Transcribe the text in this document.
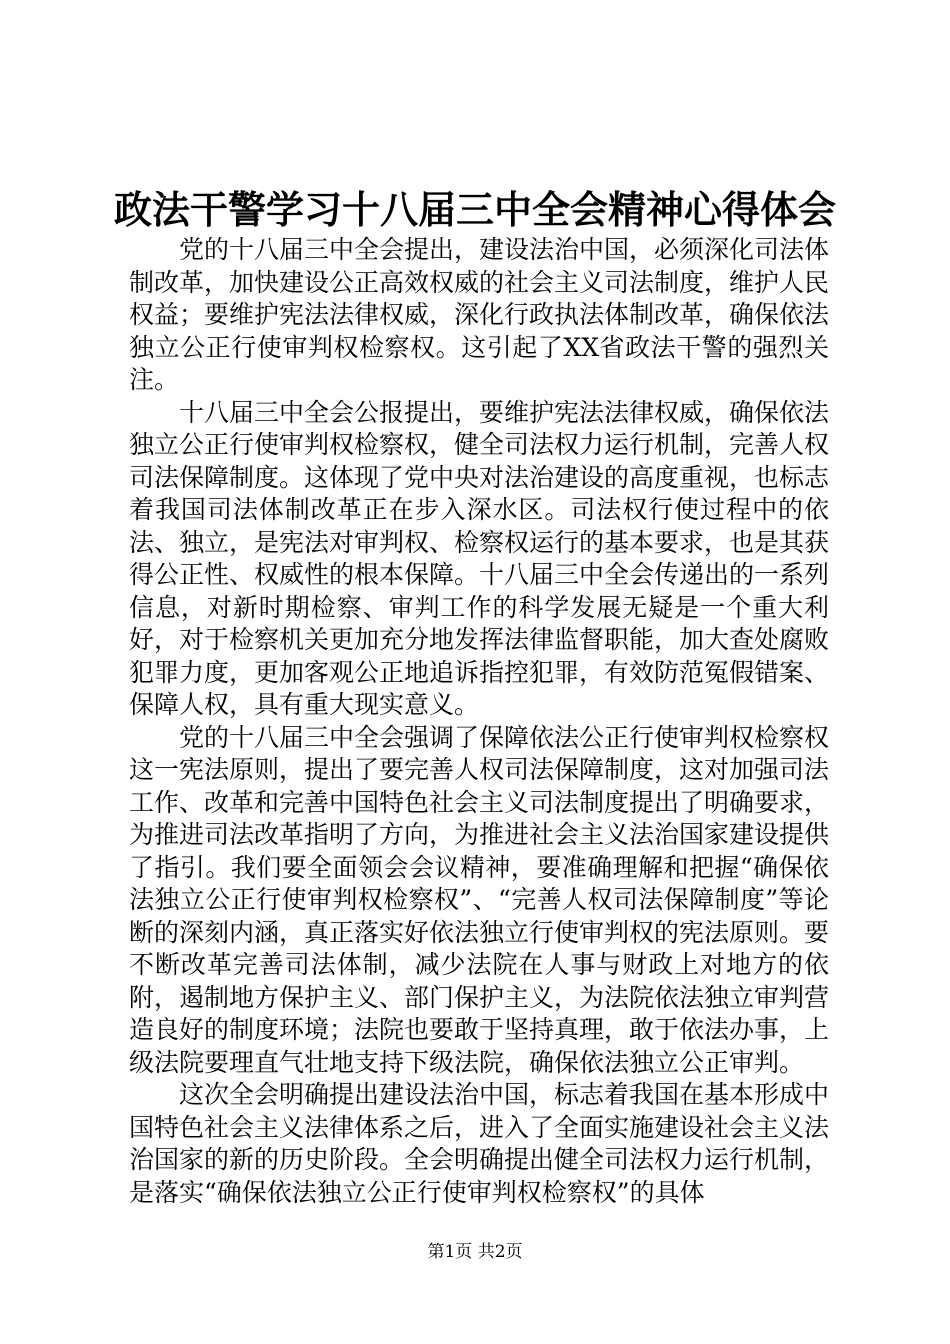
政法干警学习十八届三中全会精神心得体会

党的十八届三中全会提出，建设法治中国，必须深化司法体制改革，加快建设公正高效权威的社会主义司法制度，维护人民权益；要维护宪法法律权威，深化行政执法体制改革，确保依法独立公正行使审判权检察权。这引起了XX省政法干警的强烈关注。

十八届三中全会公报提出，要维护宪法法律权威，确保依法独立公正行使审判权检察权，健全司法权力运行机制，完善人权司法保障制度。这体现了党中央对法治建设的高度重视，也标志着我国司法体制改革正在步入深水区。司法权行使过程中的依法、独立，是宪法对审判权、检察权运行的基本要求，也是其获得公正性、权威性的根本保障。十八届三中全会传递出的一系列信息，对新时期检察、审判工作的科学发展无疑是一个重大利好，对于检察机关更加充分地发挥法律监督职能，加大查处腐败犯罪力度，更加客观公正地追诉指控犯罪，有效防范冤假错案、保障人权，具有重大现实意义。

党的十八届三中全会强调了保障依法公正行使审判权检察权这一宪法原则，提出了要完善人权司法保障制度，这对加强司法工作、改革和完善中国特色社会主义司法制度提出了明确要求，为推进司法改革指明了方向，为推进社会主义法治国家建设提供了指引。我们要全面领会会议精神，要准确理解和把握“确保依法独立公正行使审判权检察权”、“完善人权司法保障制度”等论断的深刻内涵，真正落实好依法独立行使审判权的宪法原则。要不断改革完善司法体制，减少法院在人事与财政上对地方的依附，遏制地方保护主义、部门保护主义，为法院依法独立审判营造良好的制度环境；法院也要敢于坚持真理，敢于依法办事，上级法院要理直气壮地支持下级法院，确保依法独立公正审判。

这次全会明确提出建设法治中国，标志着我国在基本形成中国特色社会主义法律体系之后，进入了全面实施建设社会主义法治国家的新的历史阶段。全会明确提出健全司法权力运行机制，是落实“确保依法独立公正行使审判权检察权”的具体

第1页 共2页
